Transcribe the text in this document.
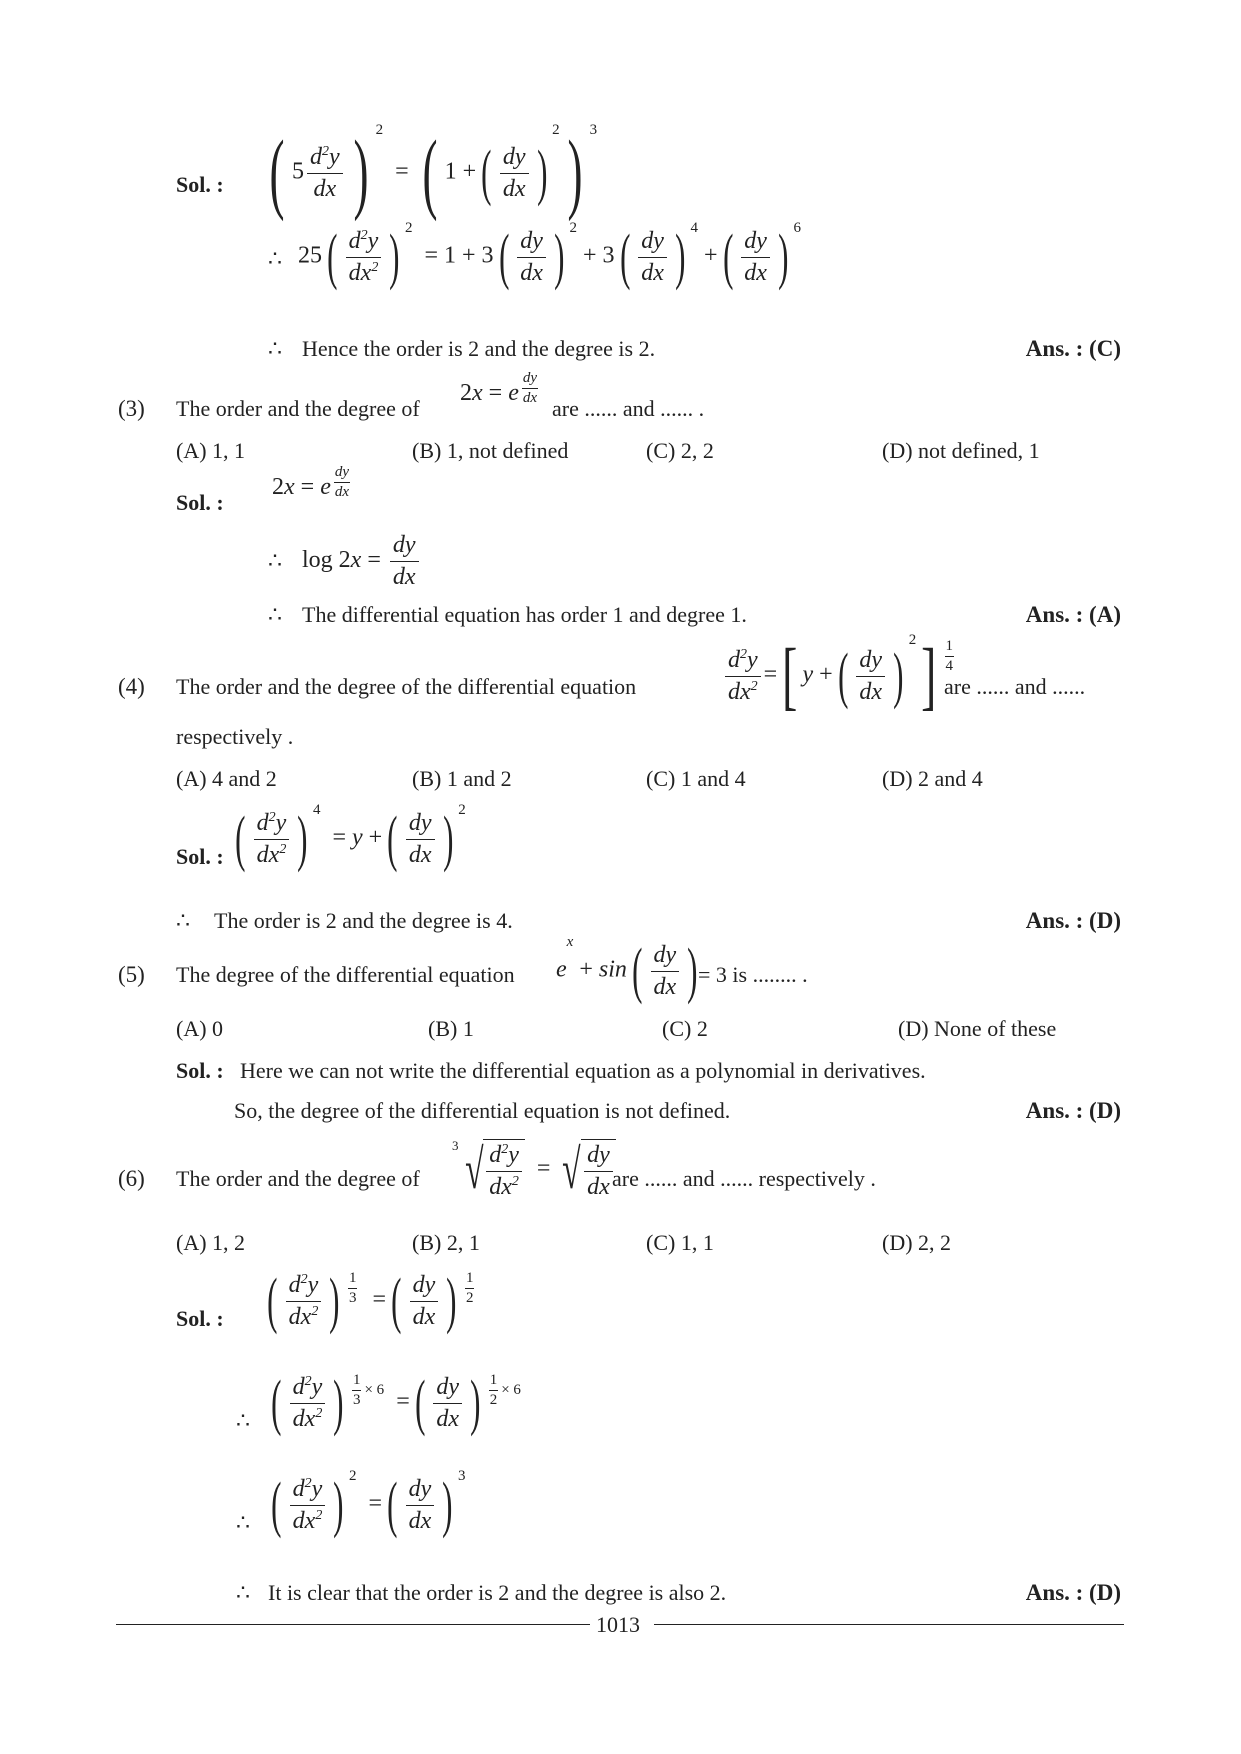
Sol. : ( $5 \frac{d^2y}{dx}$ ) $^2$  = ( 1 +( $\frac{dy}{dx} )^2$) $^3$
∴ $25( \frac{d^2y}{dx^2}$ ) $^2 = 1 + 3( \frac{dy}{dx}$ ) $^2 + 3( \frac{dy}{dx}$ ) $^4$ +( $\frac{dy}{dx}$ ) $^6$
∴ Hence the order is 2 and the degree is 2.	Ans. : (C)
(3) The order and the degree of
2x = e $\frac{dy}{dx}$
are ...... and ...... .
(A) 1, 1	(B) 1, not defined	(C) 2, 2	(D) not defined, 1
Sol. :
2x = e $\frac{dy}{dx}$
∴ $\log 2x = \frac{dy}{dx}$
∴ The differential equation has order 1 and degree 1.	Ans. : (A)
(4) The order and the degree of the differential equation	$\frac{d^2y}{dx^2}$ =[ y +( $\frac{dy}{dx} )^2] \frac{1}{4}$
are ...... and ......
respectively .
(A) 4 and 2	(B) 1 and 2	(C) 1 and 4	(D) 2 and 4
Sol. : ( $\frac{d^2y}{dx^2}$ ) $^4$  = y +( $\frac{dy}{dx}$ ) $^2$
∴ The order is 2 and the degree is 4.	Ans. : (D)
(5) The degree of the differential equation $e^x + \sin( \frac{dy}{dx}$ ) = 3 is ........ .
(A) 0	(B) 1	(C) 2	(D) None of these
Sol. : Here we can not write the differential equation as a polynomial in derivatives.
So, the degree of the differential equation is not defined.	Ans. : (D)
(6) The order and the degree of
$^3$ √ $\frac{d^2y}{dx^2}$ = √ $\frac{dy}{dx}$ are ...... and ...... respectively .
(A) 1, 2	(B) 2, 1	(C) 1, 1	(D) 2, 2
Sol. : ( $\frac{d^2y}{dx^2}$ ) $\frac{1}{3}$ =( $\frac{dy}{dx}$ ) $\frac{1}{2}$
∴ ( $\frac{d^2y}{dx^2}$ ) $^{\frac{1}{3} \times 6}$  =( $\frac{dy}{dx}$ ) $^{\frac{1}{2} \times 6}$
∴ ( $\frac{d^2y}{dx^2}$ ) $^2$  =( $\frac{dy}{dx}$ ) $^3$
∴ It is clear that the order is 2 and the degree is also 2.	Ans. : (D)
1013
